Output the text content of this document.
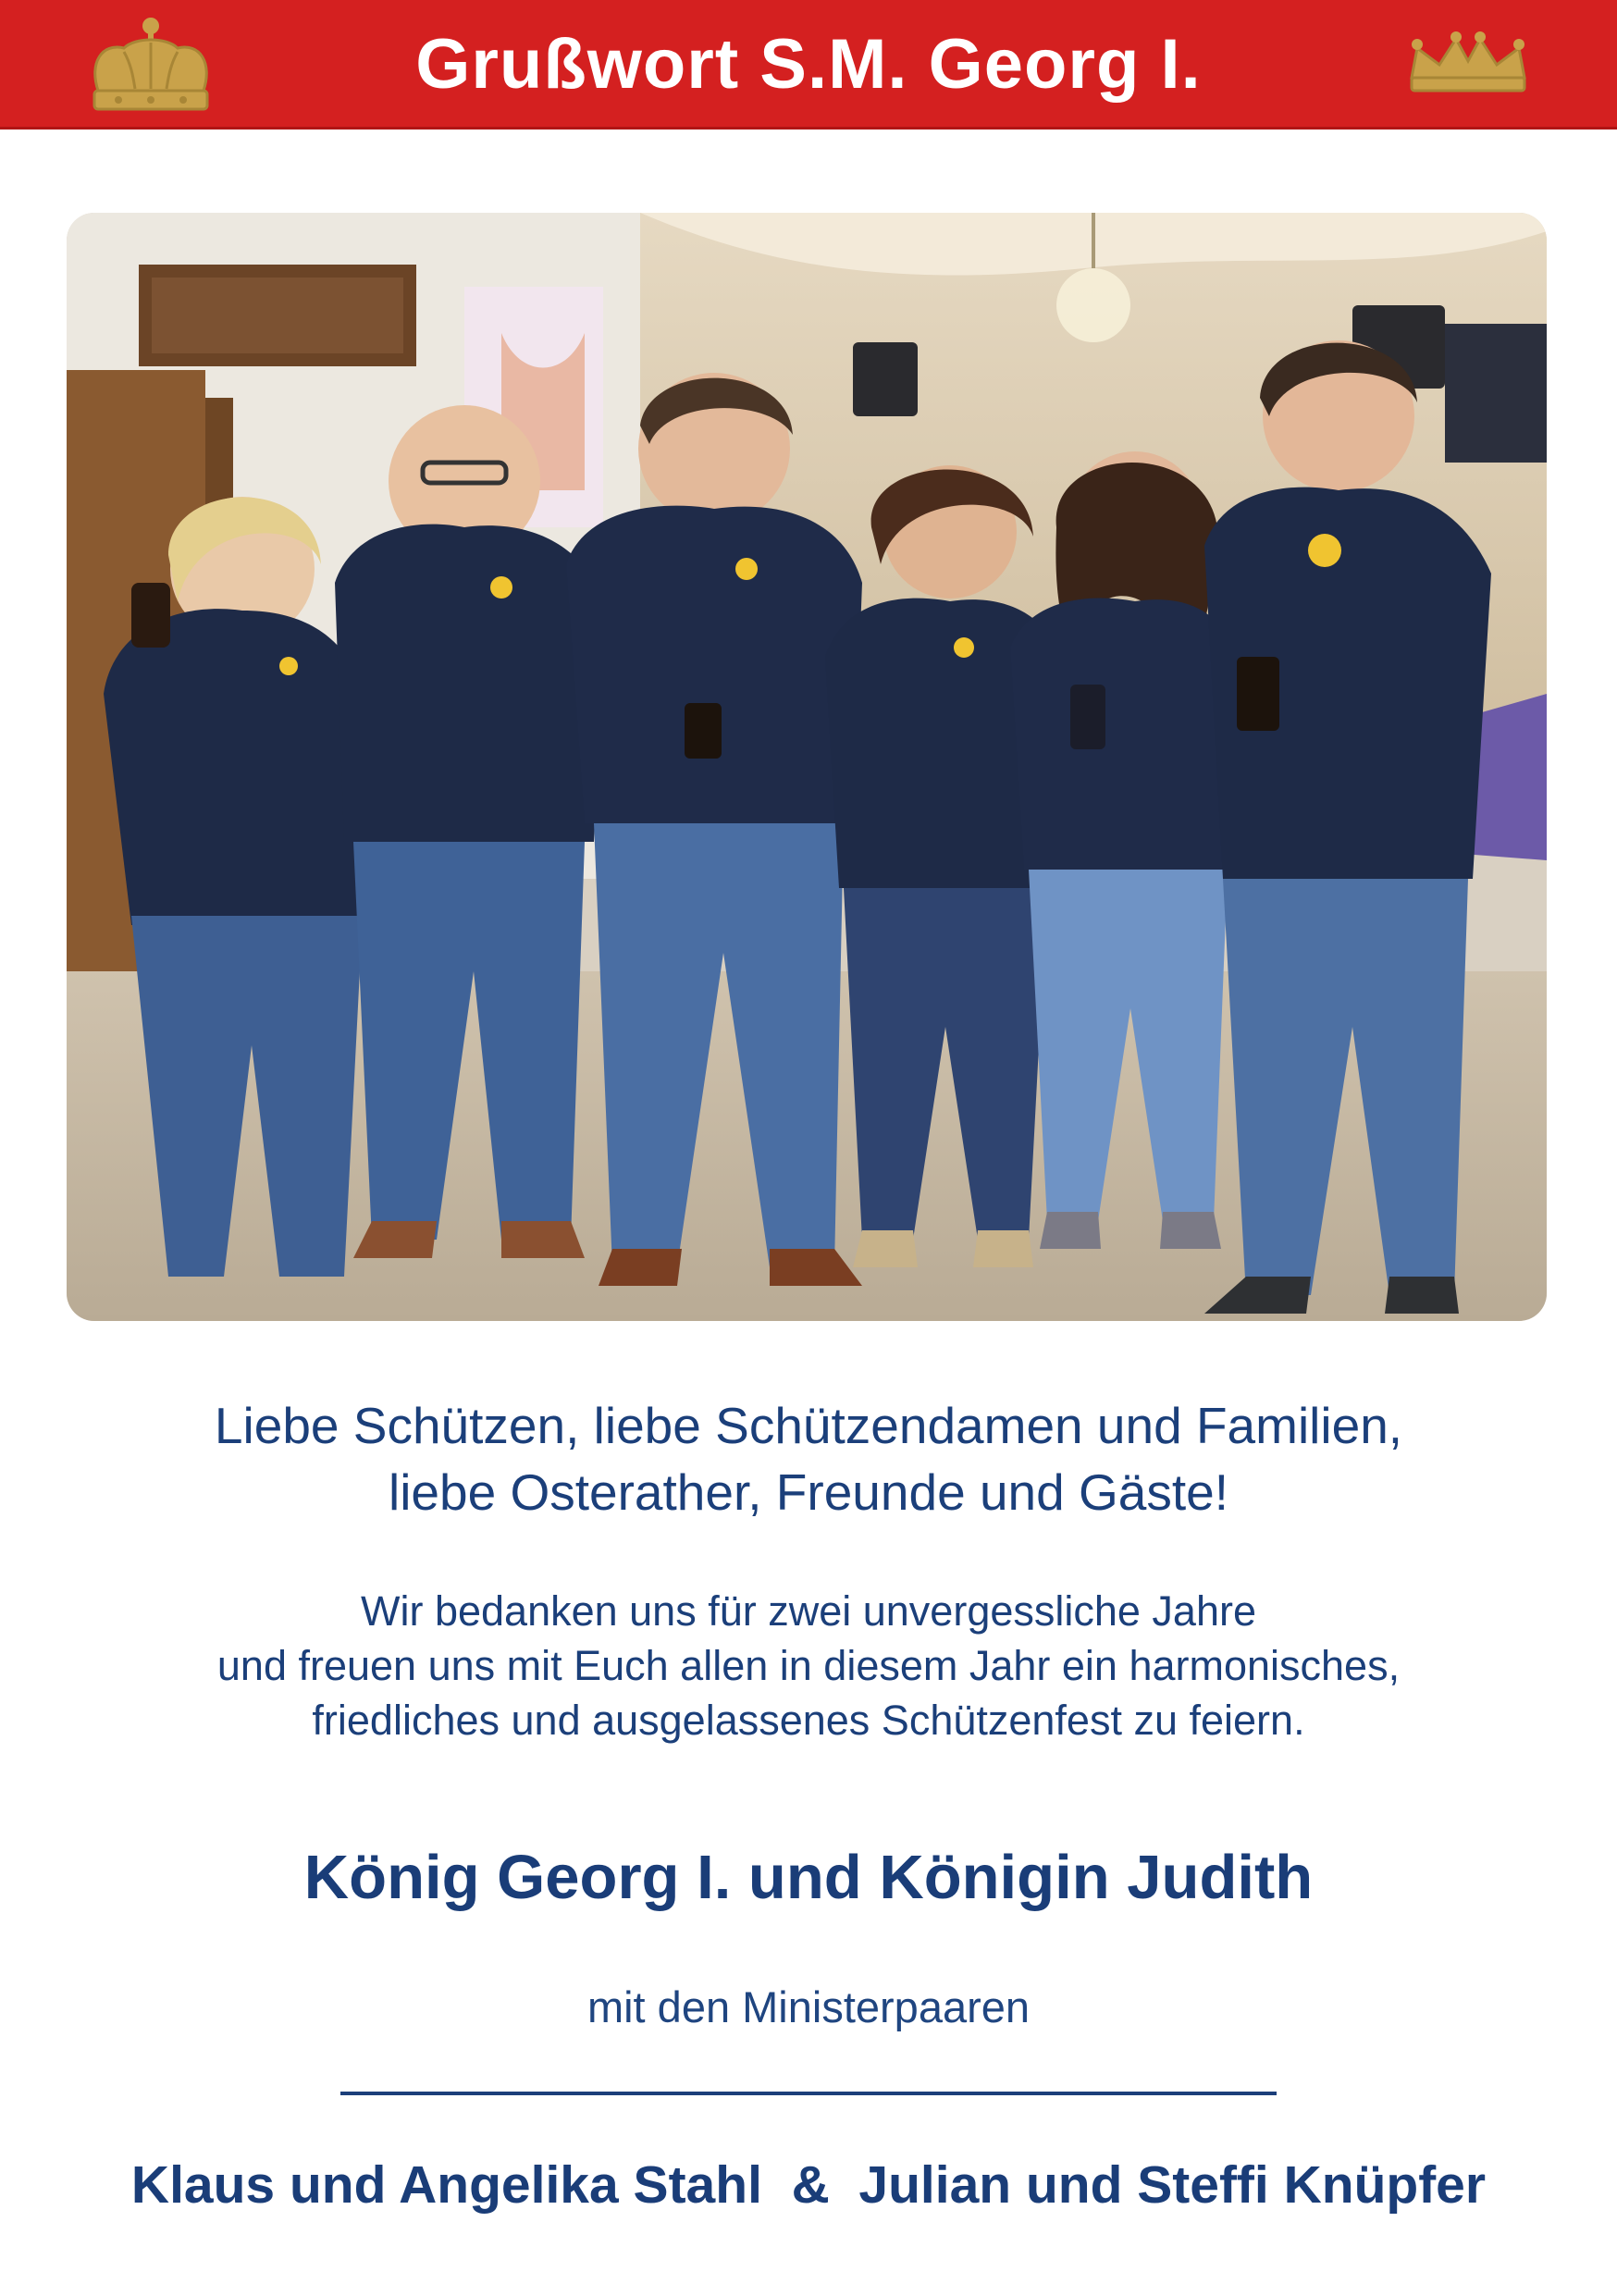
Grußwort S.M. Georg I.
Liebe Schützen, liebe Schützendamen und Familien,
liebe Osterather, Freunde und Gäste!
Wir bedanken uns für zwei unvergessliche Jahre
und freuen uns mit Euch allen in diesem Jahr ein harmonisches,
friedliches und ausgelassenes Schützenfest zu feiern.
König Georg I. und Königin Judith
mit den Ministerpaaren
Klaus und Angelika Stahl  &  Julian und Steffi Knüpfer
